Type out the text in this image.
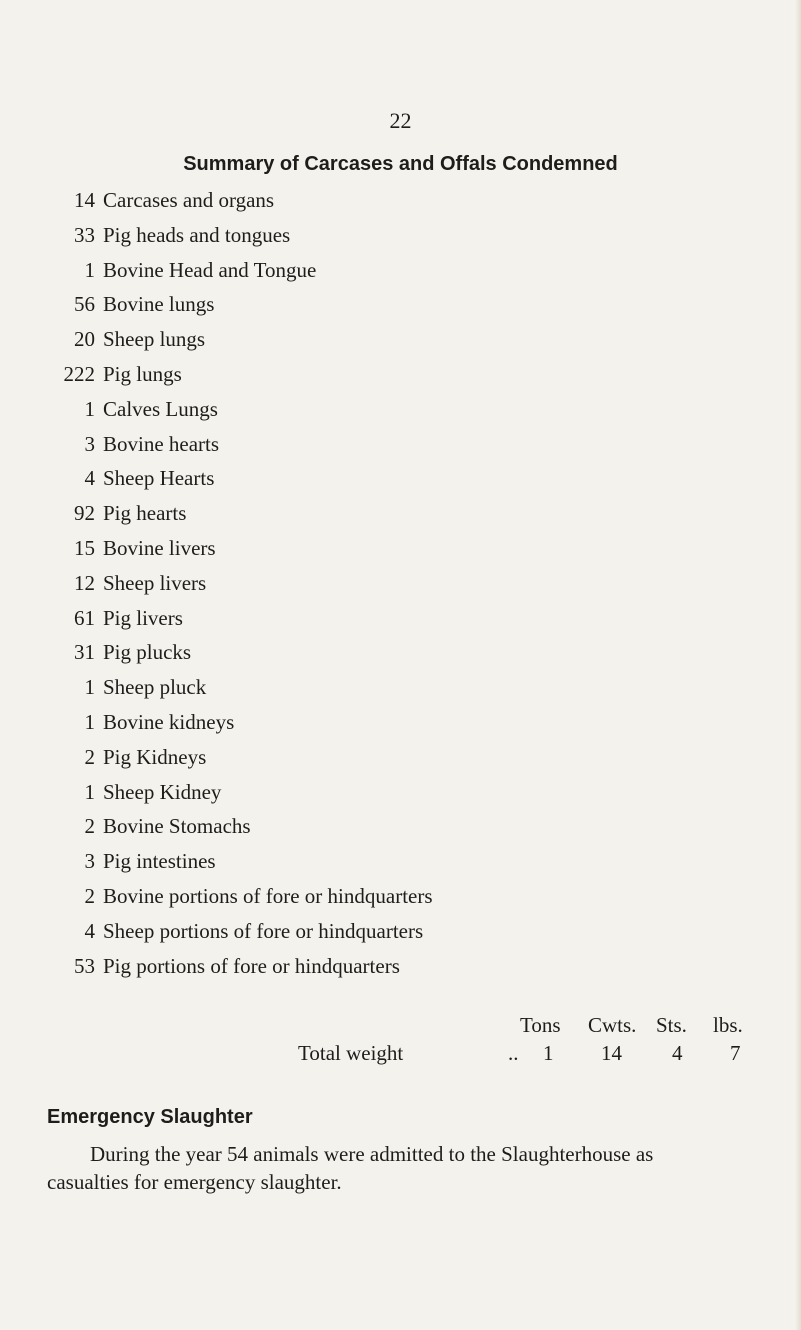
22
Summary of Carcases and Offals Condemned
14 Carcases and organs
33 Pig heads and tongues
1 Bovine Head and Tongue
56 Bovine lungs
20 Sheep lungs
222 Pig lungs
1 Calves Lungs
3 Bovine hearts
4 Sheep Hearts
92 Pig hearts
15 Bovine livers
12 Sheep livers
61 Pig livers
31 Pig plucks
1 Sheep pluck
1 Bovine kidneys
2 Pig Kidneys
1 Sheep Kidney
2 Bovine Stomachs
3 Pig intestines
2 Bovine portions of fore or hindquarters
4 Sheep portions of fore or hindquarters
53 Pig portions of fore or hindquarters
Tons Cwts. Sts. lbs.
Total weight	.. 1 14 4 7
Emergency Slaughter
During the year 54 animals were admitted to the Slaughterhouse as
casualties for emergency slaughter.
